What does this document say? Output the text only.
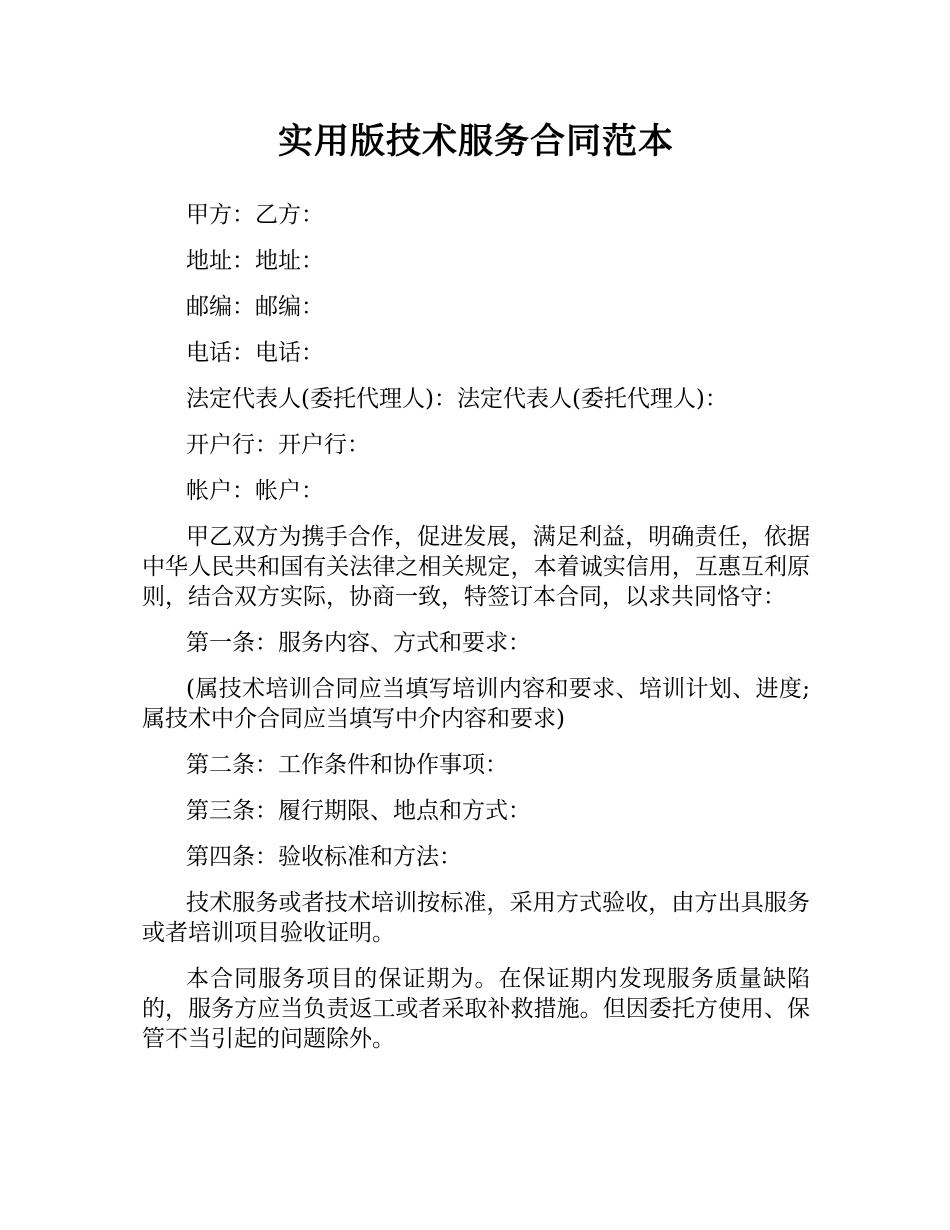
实用版技术服务合同范本

甲方：乙方：

地址：地址：

邮编：邮编：

电话：电话：

法定代表人(委托代理人)：法定代表人(委托代理人)：

开户行：开户行：

帐户：帐户：

甲乙双方为携手合作，促进发展，满足利益，明确责任，依据中华人民共和国有关法律之相关规定，本着诚实信用，互惠互利原则，结合双方实际，协商一致，特签订本合同，以求共同恪守：

第一条：服务内容、方式和要求：

(属技术培训合同应当填写培训内容和要求、培训计划、进度;属技术中介合同应当填写中介内容和要求)

第二条：工作条件和协作事项：

第三条：履行期限、地点和方式：

第四条：验收标准和方法：

技术服务或者技术培训按标准，采用方式验收，由方出具服务或者培训项目验收证明。

本合同服务项目的保证期为。在保证期内发现服务质量缺陷的，服务方应当负责返工或者采取补救措施。但因委托方使用、保管不当引起的问题除外。
